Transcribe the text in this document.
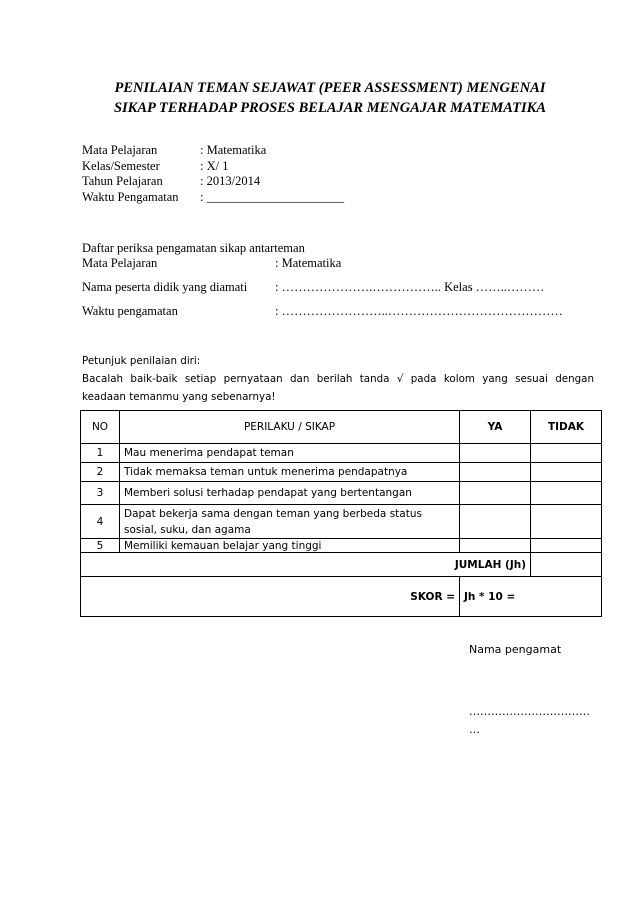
PENILAIAN TEMAN SEJAWAT (PEER ASSESSMENT) MENGENAI
SIKAP TERHADAP PROSES BELAJAR MENGAJAR MATEMATIKA
Mata Pelajaran	: Matematika
Kelas/Semester	: X/ 1
Tahun Pelajaran	: 2013/2014
Waktu Pengamatan	: ______________________
Daftar periksa pengamatan sikap antarteman
Mata Pelajaran	: Matematika
Nama peserta didik yang diamati	: ………………….…………….. Kelas ……..………
Waktu pengamatan	: ……………………..……………………………………
Petunjuk penilaian diri:
Bacalah baik-baik setiap pernyataan dan berilah tanda √ pada kolom yang sesuai dengan
keadaan temanmu yang sebenarnya!
NO	PERILAKU / SIKAP	YA	TIDAK
1	Mau menerima pendapat teman		
2	Tidak memaksa teman untuk menerima pendapatnya		
3	Memberi solusi terhadap pendapat yang bertentangan		
4	Dapat bekerja sama dengan teman yang berbeda status
sosial, suku, dan agama		

5	Memiliki kemauan belajar yang tinggi		
JUMLAH (Jh)			
SKOR =		Jh * 10 =	
Nama pengamat
……………………………
…
